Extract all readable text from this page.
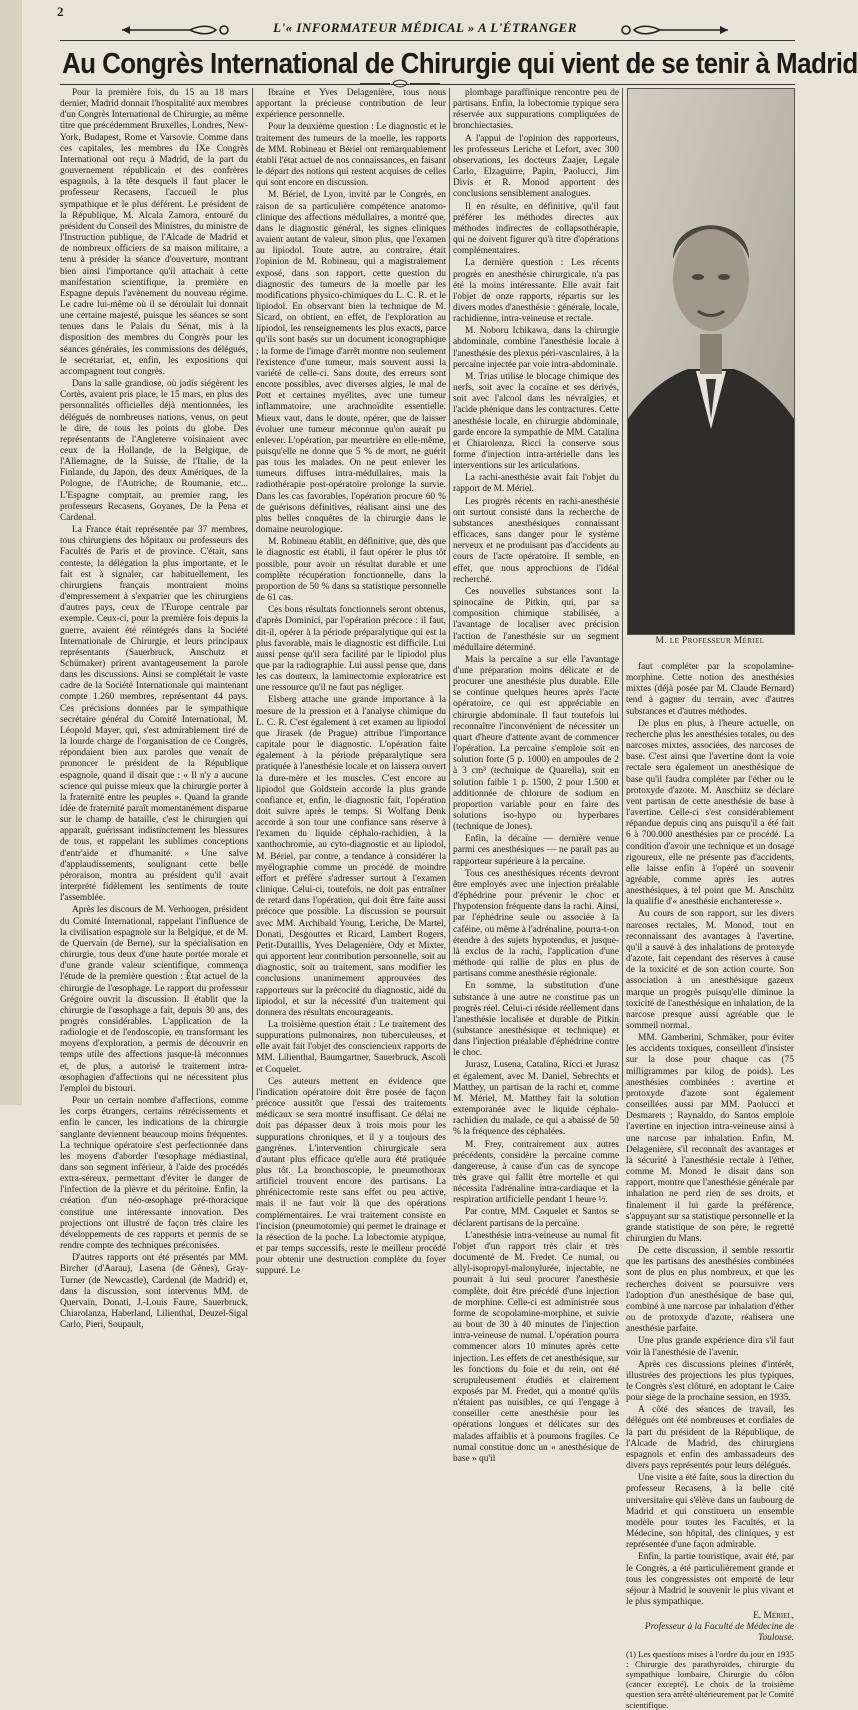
2
L'« INFORMATEUR MÉDICAL » A L'ÉTRANGER
Au Congrès International de Chirurgie qui vient de se tenir à Madrid

Pour la première fois, du 15 au 18 mars dernier, Madrid donnait l'hospitalité aux membres d'un Congrès International de Chirurgie, au même titre que précédemment Bruxelles, Londres, New-York, Budapest, Rome et Varsovie. Comme dans ces capitales, les membres du IXe Congrès International ont reçu à Madrid, de la part du gouvernement républicain et des confrères espagnols, à la tête desquels il faut placer le professeur Recasens, l'accueil le plus sympathique et le plus déférent. Le président de la République, M. Alcala Zamora, entouré du président du Conseil des Ministres, du ministre de l'Instruction publique, de l'Alcade de Madrid et de nombreux officiers de sa maison militaire, a tenu à présider la séance d'ouverture, montrant bien ainsi l'importance qu'il attachait à cette manifestation scientifique, la première en Espagne depuis l'avènement du nouveau régime. Le cadre lui-même où il se déroulait lui donnait une certaine majesté, puisque les séances se sont tenues dans le Palais du Sénat, mis à la disposition des membres du Congrès pour les séances générales, les commissions des délégués, le secrétariat, et, enfin, les expositions qui accompagnent tout congrès.

Dans la salle grandiose, où jadis siégèrent les Cortès, avaient pris place, le 15 mars, en plus des personnalités officielles déjà mentionnées, les délégués de nombreuses nations, venus, on peut le dire, de tous les points du globe. Des représentants de l'Angleterre voisinaient avec ceux de la Hollande, de la Belgique, de l'Allemagne, de la Suisse, de l'Italie, de la Finlande, du Japon, des deux Amériques, de la Pologne, de l'Autriche, de Roumanie, etc... L'Espagne comptait, au premier rang, les professeurs Recasens, Goyanes, De la Pena et Cardenal.

La France était représentée par 37 membres, tous chirurgiens des hôpitaux ou professeurs des Facultés de Paris et de province. C'était, sans conteste, la délégation la plus importante, et le fait est à signaler, car habituellement, les chirurgiens français montraient moins d'empressement à s'expatrier que les chirurgiens d'autres pays, ceux de l'Europe centrale par exemple. Ceux-ci, pour la première fois depuis la guerre, avaient été réintégrés dans la Société Internationale de Chirurgie, et leurs principaux représentants (Sauerbruck, Anschutz et Schümaker) prirent avantageusement la parole dans les discussions. Ainsi se complétait le vaste cadre de la Société Internationale qui maintenant compte 1.260 membres, représentant 44 pays. Ces précisions données par le sympathique secrétaire général du Comité International, M. Léopold Mayer, qui, s'est admirablement tiré de la lourde charge de l'organisation de ce Congrès, répondaient bien aux paroles que venait de prononcer le président de la République espagnole, quand il disait que : « Il n'y a aucune science qui puisse mieux que la chirurgie porter à la fraternité entre les peuples ». Quand la grande idée de fraternité paraît momentanément disparue sur le champ de bataille, c'est le chirurgien qui apparaît, guérissant indistinctement les blessures de tous, et rappelant les sublimes conceptions d'entr'aide et d'humanité. » Une salve d'applaudissements, soulignant cette belle péroraison, montra au président qu'il avait interprété fidèlement les sentiments de toute l'assemblée.

Après les discours de M. Verhoogen, président du Comité International, rappelant l'influence de la civilisation espagnole sur la Belgique, et de M. de Quervain (de Berne), sur la spécialisation en chirurgie, tous deux d'une haute portée morale et d'une grande valeur scientifique, commença l'étude de la première question : État actuel de la chirurgie de l'œsophage. Le rapport du professeur Grégoire ouvrit la discussion. Il établit que la chirurgie de l'œsophage a fait, depuis 30 ans, des progrès considérables. L'application de la radiologie et de l'endoscopie, en transformant les moyens d'exploration, a permis de découvrir en temps utile des affections jusque-là méconnues et, de plus, a autorisé le traitement intra-œsophagien d'affections qui ne nécessitent plus l'emploi du bistouri.

Pour un certain nombre d'affections, comme les corps étrangers, certains rétrécissements et enfin le cancer, les indications de la chirurgie sanglante deviennent beaucoup moins fréquentes. La technique opératoire s'est perfectionnée dans les moyens d'aborder l'œsophage médiastinal, dans son segment inférieur, à l'aide des procédés extra-séreux, permettant d'éviter le danger de l'infection de la plèvre et du péritoine. Enfin, la création d'un néo-œsophage pré-thoracique constitue une intéressante innovation. Des projections ont illustré de façon très claire les développements de ces rapports et permis de se rendre compte des techniques préconisées.

D'autres rapports ont été présentés par MM. Bircher (d'Aarau), Lasena (de Gênes), Gray-Turner (de Newcastle), Cardenal (de Madrid) et, dans la discussion, sont intervenus MM. de Quervain, Donati, J.-Louis Faure, Sauerbruck, Chiarolanza, Haberland, Lilienthal, Deuzel-Sigal Carlo, Pieri, Soupault,

Ibraine et Yves Delagenière, tous nous apportant la précieuse contribution de leur expérience personnelle.

Pour la deuxième question : Le diagnostic et le traitement des tumeurs de la moelle, les rapports de MM. Robineau et Bériel ont remarquablement établi l'état actuel de nos connaissances, en faisant le départ des notions qui restent acquises de celles qui sont encore en discussion.

M. Bériel, de Lyon, invité par le Congrès, en raison de sa particulière compétence anatomo-clinique des affections médullaires, a montré que, dans le diagnostic général, les signes cliniques avaient autant de valeur, sinon plus, que l'examen au lipiodol. Toute autre, au contraire, était l'opinion de M. Robineau, qui a magistralement exposé, dans son rapport, cette question du diagnostic des tumeurs de la moelle par les modifications physico-chimiques du L. C. R. et le lipiodol. En observant bien la technique de M. Sicard, on obtient, en effet, de l'exploration au lipiodol, les renseignements les plus exacts, parce qu'ils sont basés sur un document iconographique ; la forme de l'image d'arrêt montre non seulement l'existence d'une tumeur, mais souvent aussi la variété de celle-ci. Sans doute, des erreurs sont encore possibles, avec diverses algies, le mal de Pott et certaines myélites, avec une tumeur inflammatoire, une arachnoïdite essentielle. Mieux vaut, dans le doute, opérer, que de laisser évoluer une tumeur méconnue qu'on aurait pu enlever. L'opération, par meurtrière en elle-même, puisqu'elle ne donne que 5 % de mort, ne guérit pas tous les malades. On ne peut enlever les tumeurs diffuses intra-médullaires, mais la radiothérapie post-opératoire prolonge la survie. Dans les cas favorables, l'opération procure 60 % de guérisons définitives, réalisant ainsi une des plus belles conquêtes de la chirurgie dans le domaine neurologique.

M. Robineau établit, en définitive, que, dès que le diagnostic est établi, il faut opérer le plus tôt possible, pour avoir un résultat durable et une complète récupération fonctionnelle, dans la proportion de 50 % dans sa statistique personnelle de 61 cas.

Ces bons résultats fonctionnels seront obtenus, d'après Dominici, par l'opération précoce : il faut, dit-il, opérer à la période préparalytique qui est la plus favorable, mais le diagnostic est difficile. Lui aussi pense qu'il sera facilité par le lipiodol plus que par la radiographie. Lui aussi pense que, dans les cas douteux, la laminectomie exploratrice est une ressource qu'il ne faut pas négliger.

Elsberg attache une grande importance à la mesure de la pression et à l'analyse chimique du L. C. R. C'est également à cet examen au lipiodol que Jirasek (de Prague) attribue l'importance capitale pour le diagnostic. L'opération faite également à la période préparalytique sera pratiquée à l'anesthésie locale et on laissera ouvert la dure-mère et les muscles. C'est encore au lipiodol que Goldstein accorde la plus grande confiance et, enfin, le diagnostic fait, l'opération doit suivre après le temps. Si Wolfang Denk accorde à son tour une confiance sans réserve à l'examen du liquide céphalo-rachidien, à la xanthochromie, au cyto-diagnostic et au lipiodol, M. Bériel, par contre, a tendance à considérer la myélographie comme un procédé de moindre effort et préfère s'adresser surtout à l'examen clinique. Celui-ci, toutefois, ne doit pas entraîner de retard dans l'opération, qui doit être faite aussi précoce que possible. La discussion se poursuit avec MM. Archibald Young, Leriche, De Martel, Donati, Desgouttes et Ricard, Lambert Rogers, Petit-Dutaillis, Yves Delagenière, Ody et Mixter, qui apportent leur contribution personnelle, soit au diagnostic, soit au traitement, sans modifier les conclusions unanimement approuvées des rapporteurs sur la précocité du diagnostic, aidé du lipiodol, et sur la nécessité d'un traitement qui donnera des résultats encourageants.

La troisième question était : Le traitement des suppurations pulmonaires, non tuberculeuses, et elle avait fait l'objet des consciencieux rapports de MM. Lilienthal, Baumgartner, Sauerbruck, Ascoli et Coquelet.

Ces auteurs mettent en évidence que l'indication opératoire doit être posée de façon précoce aussitôt que l'essai des traitements médicaux se sera montré insuffisant. Ce délai ne doit pas dépasser deux à trois mois pour les suppurations chroniques, et il y a toujours des gangrènes. L'intervention chirurgicale sera d'autant plus efficace qu'elle aura été pratiquée plus tôt. La bronchoscopie, le pneumothorax artificiel trouvent encore des partisans. La phrénicectomie reste sans effet ou peu active, mais il ne faut voir là que des opérations complémentaires. Le vrai traitement consiste en l'incision (pneumotomie) qui permet le drainage et la résection de la poche. La lobectomie atypique, et par temps successifs, reste le meilleur procédé pour obtenir une destruction complète du foyer suppuré. Le

plombage paraffinique rencontre peu de partisans. Enfin, la lobectomie typique sera réservée aux suppurations compliquées de bronchiectasies.

A l'appui de l'opinion des rapporteurs, les professeurs Leriche et Lefort, avec 300 observations, les docteurs Zaajer, Legale Carlo, Elzaguirre, Papin, Paolucci, Jim Divis et R. Monod apportent des conclusions sensiblement analogues.

Il en résulte, en définitive, qu'il faut préférer les méthodes directes aux méthodes indirectes de collapsothérapie, qui ne doivent figurer qu'à titre d'opérations complémentaires.

La dernière question : Les récents progrès en anesthésie chirurgicale, n'a pas été la moins intéressante. Elle avait fait l'objet de onze rapports, répartis sur les divers modes d'anesthésie : générale, locale, rachidienne, intra-veineuse et rectale.

M. Noboru Ichikawa, dans la chirurgie abdominale, combine l'anesthésie locale à l'anesthésie des plexus péri-vasculaires, à la percaïne injectée par voie intra-abdominale.

M. Trias utilise le blocage chimique des nerfs, soit avec la cocaïne et ses dérivés, soit avec l'alcool dans les névralgies, et l'acide phénique dans les contractures. Cette anesthésie locale, en chirurgie abdominale, garde encore la sympathie de MM. Catalina et Chiarolenza. Ricci la conserve sous forme d'injection intra-artérielle dans les interventions sur les articulations.

La rachi-anesthésie avait fait l'objet du rapport de M. Mériel.

Les progrès récents en rachi-anesthésie ont surtout consisté dans la recherche de substances anesthésiques connaissant efficaces, sans danger pour le système nerveux et ne produisant pas d'accidents au cours de l'acte opératoire. Il semble, en effet, que nous approchions de l'idéal recherché.

Ces nouvelles substances sont la spinocaïne de Pitkin, qui, par sa composition chimique stabilisée, a l'avantage de localiser avec précision l'action de l'anesthésie sur un segment médullaire déterminé.

Mais la percaïne a sur elle l'avantage d'une préparation moins délicate et de procurer une anesthésie plus durable. Elle se continue quelques heures après l'acte opératoire, ce qui est appréciable en chirurgie abdominale. Il faut toutefois lui reconnaître l'inconvénient de nécessiter un quart d'heure d'attente avant de commencer l'opération. La percaïne s'emploie soit en solution forte (5 p. 1000) en ampoules de 2 à 3 cm³ (technique de Quarella), soit en solution faible 1 p. 1500, 2 pour 1.500 et additionnée de chlorure de sodium en proportion variable pour en faire des solutions iso-hypo ou hyperbares (technique de Jones).

Enfin, la décaïne — dernière venue parmi ces anesthésiques — ne paraît pas au rapporteur supérieure à la percaïne.

Tous ces anesthésiques récents devront être employés avec une injection préalable d'éphédrine pour prévenir le choc et l'hypotension fréquente dans la rachi. Ainsi, par l'éphédrine seule ou associée à la caféine, ou même à l'adrénaline, pourra-t-on étendre à des sujets hypotendus, et jusque-là exclus de la rachi, l'application d'une méthode qui rallie de plus en plus de partisans comme anesthésie régionale.

En somme, la substitution d'une substance à une autre ne constitue pas un progrès réel. Celui-ci réside réellement dans l'anesthésie localisée et durable de Pitkin (substance anesthésique et technique) et dans l'injection préalable d'éphédrine contre le choc.

Jurasz, Lusena, Catalina, Ricci et Jurasz et également, avec M. Daniel, Sebrechts et Matthey, un partisan de la rachi et, comme M. Mériel, M. Matthey fait la solution extemporanée avec le liquide céphalo-rachidien du malade, ce qui a abaissé de 50 % la fréquence des céphalées.

M. Frey, contrairement aux autres précédents, considère la percaïne comme dangereuse, à cause d'un cas de syncope très grave qui fallit être mortelle et qui nécessita l'adrénaline intra-cardiaque et la respiration artificielle pendant 1 heure ½.

Par contre, MM. Coquelet et Santos se déclarent partisans de la percaïne.

L'anesthésie intra-veineuse au numal fit l'objet d'un rapport très clair et très documenté de M. Fredet. Ce numal, ou allyl-isopropyl-malonylurée, injectable, ne pourrait à lui seul procurer l'anesthésie complète, doit être précédé d'une injection de morphine. Celle-ci est administrée sous forme de scopolamine-morphine, et suivie au bout de 30 à 40 minutes de l'injection intra-veineuse de numal. L'opération pourra commencer alors 10 minutes après cette injection. Les effets de cet anesthésique, sur les fonctions du foie et du rein, ont été scrupuleusement étudiés et clairement exposés par M. Fredet, qui a montré qu'ils n'étaient pas nuisibles, ce qui l'engage à conseiller cette anesthésie pour les opérations longues et délicates sur des malades affaiblis et à poumons fragiles. Ce numal constitue donc un « anesthésique de base » qu'il

M. le Professeur Mériel

faut compléter par la scopolamine-morphine. Cette notion des anesthésies mixtes (déjà posée par M. Claude Bernard) tend à gagner du terrain, avec d'autres substances et d'autres méthodes.

De plus en plus, à l'heure actuelle, on recherche plus les anesthésies totales, ou des narcoses mixtes, associées, des narcoses de base. C'est ainsi que l'avertine dont la voie rectale sera également un anesthésique de base qu'il faudra compléter par l'éther ou le protoxyde d'azote. M. Anschütz se déclare vent partisan de cette anesthésie de base à l'avertine. Celle-ci s'est considérablement répandue depuis cinq ans puisqu'il a été fait 6 à 700.000 anesthésies par ce procédé. La condition d'avoir une technique et un dosage rigoureux, elle ne présente pas d'accidents, elle laisse enfin à l'opéré un souvenir agréable, comme après les autres anesthésiques, à tel point que M. Anschütz la qualifie d'« anesthésie enchanteresse ».

Au cours de son rapport, sur les divers narcoses rectales, M. Monod, tout en reconnaissant des avantages à l'avertine, qu'il a sauvé à des inhalations de protoxyde d'azote, fait cependant des réserves à cause de la toxicité et de son action courte. Son association à un anesthésique gazeux marque un progrès puisqu'elle diminue la toxicité de l'anesthésique en inhalation, de la narcose presque aussi agréable que le sommeil normal.

MM. Gamberini, Schmäker, pour éviter les accidents toxiques, conseillent d'insister sur la dose pour chaque cas (75 milligrammes par kilog de poids). Les anesthésies combinées : avertine et protoxyde d'azote sont également conseillées aussi par MM. Paolucci et Desmarets ; Raynaldo, do Santos emploie l'avertine en injection intra-veineuse ainsi à une narcose par inhalation. Enfin, M. Delagenière, s'il reconnaît des avantages et la sécurité à l'anesthésie rectale à l'éther, comme M. Monod le disait dans son rapport, montre que l'anesthésie générale par inhalation ne perd rien de ses droits, et finalement il lui garde la préférence, s'appuyant sur sa statistique personnelle et la grande statistique de son père, le regretté chirurgien du Mans.

De cette discussion, il semble ressortir que les partisans des anesthésies combinées sont de plus en plus nombreux, et que les recherches doivent se poursuivre vers l'adoption d'un anesthésique de base qui, combiné à une narcose par inhalation d'éther ou de protoxyde d'azote, réalisera une anesthésie parfaite.

Une plus grande expérience dira s'il faut voir là l'anesthésie de l'avenir.

Après ces discussions pleines d'intérêt, illustrées des projections les plus typiques, le Congrès s'est clôturé, en adoptant le Caire pour siège de la prochaine session, en 1935.

A côté des séances de travail, les délégués ont été nombreuses et cordiales de la part du président de la République, de l'Alcade de Madrid, des chirurgiens espagnols et enfin des ambassadeurs des divers pays représentés pour leurs délégués.

Une visite a été faite, sous la direction du professeur Recasens, à la belle cité universitaire qui s'élève dans un faubourg de Madrid et qui constituera un ensemble modèle pour toutes les Facultés, et la Médecine, son hôpital, des cliniques, y est représentée d'une façon admirable.

Enfin, la partie touristique, avait été, par le Congrès, a été particulièrement grande et tous les congressistes ont emporté de leur séjour à Madrid le souvenir le plus vivant et le plus sympathique.

E. Mériel,
Professeur à la Faculté de Médecine de Toulouse.
(1) Les questions mises à l'ordre du jour en 1935 : Chirurgie des parathyroïdes, chirurgie du sympathique lombaire, Chirurgie du côlon (cancer excepté). Le choix de la troisième question sera arrêté ultérieurement par le Comité scientifique.
